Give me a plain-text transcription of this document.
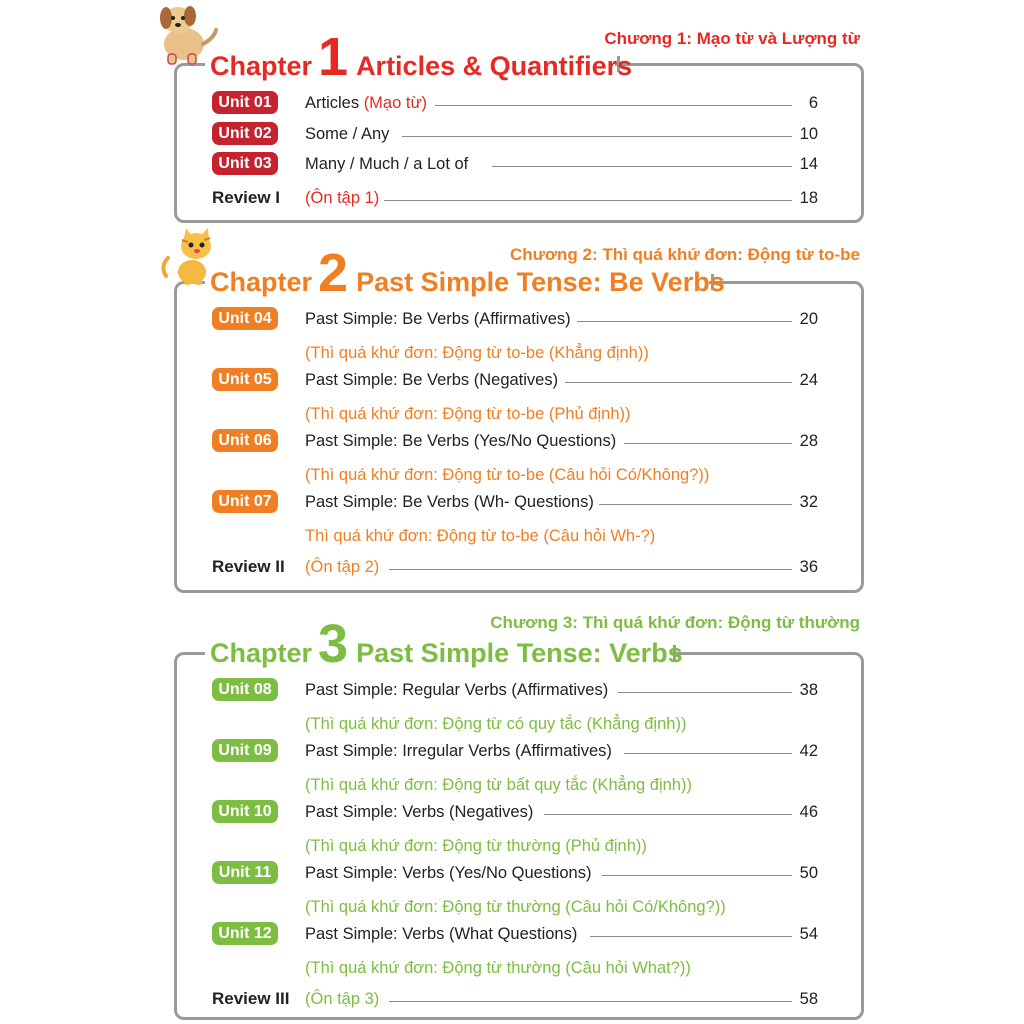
Chapter 1 Articles & Quantifiers
Chương 1: Mạo từ và Lượng từ
Unit 01	Articles (Mạo từ)	6
Unit 02	Some / Any	10
Unit 03	Many / Much / a Lot of	14
Review I (Ôn tập 1)	18
Chapter 2 Past Simple Tense: Be Verbs
Chương 2: Thì quá khứ đơn: Động từ to-be
Unit 04	Past Simple: Be Verbs (Affirmatives)	20
(Thì quá khứ đơn: Động từ to-be (Khẳng định))
Unit 05	Past Simple: Be Verbs (Negatives)	24
(Thì quá khứ đơn: Động từ to-be (Phủ định))
Unit 06	Past Simple: Be Verbs (Yes/No Questions)	28
(Thì quá khứ đơn: Động từ to-be (Câu hỏi Có/Không?))
Unit 07	Past Simple: Be Verbs (Wh- Questions)	32
Thì quá khứ đơn: Động từ to-be (Câu hỏi Wh-?)
Review II (Ôn tập 2)	36
Chapter 3 Past Simple Tense: Verbs
Chương 3: Thì quá khứ đơn: Động từ thường
Unit 08	Past Simple: Regular Verbs (Affirmatives)	38
(Thì quá khứ đơn: Động từ có quy tắc (Khẳng định))
Unit 09	Past Simple: Irregular Verbs (Affirmatives)	42
(Thì quá khứ đơn: Động từ bất quy tắc (Khẳng định))
Unit 10	Past Simple: Verbs (Negatives)	46
(Thì quá khứ đơn: Động từ thường (Phủ định))
Unit 11	Past Simple: Verbs (Yes/No Questions)	50
(Thì quá khứ đơn: Động từ thường (Câu hỏi Có/Không?))
Unit 12	Past Simple: Verbs (What Questions)	54
(Thì quá khứ đơn: Động từ thường (Câu hỏi What?))
Review III (Ôn tập 3)	58
